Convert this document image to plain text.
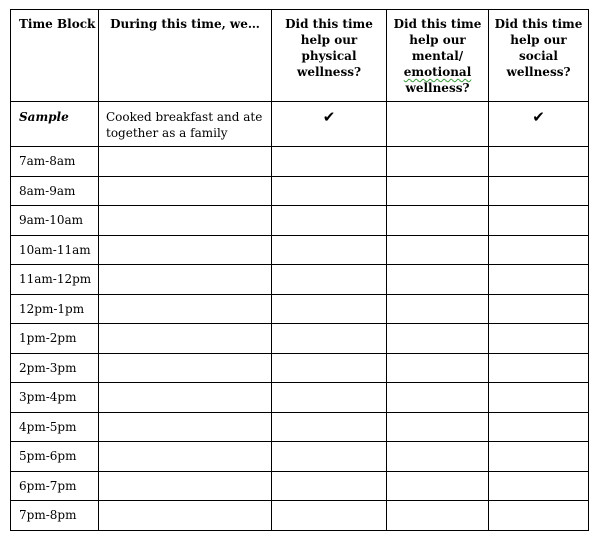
Time Block	During this time, we…	Did this time
help our
physical
wellness?	Did this time
help our
mental/
emotional
wellness?	Did this time
help our
social
wellness?

Sample	Cooked breakfast and ate together as a family	✔		✔
7am-8am				
8am-9am				
9am-10am				
10am-11am				
11am-12pm				
12pm-1pm				
1pm-2pm				
2pm-3pm				
3pm-4pm				
4pm-5pm				
5pm-6pm				
6pm-7pm				
7pm-8pm				
